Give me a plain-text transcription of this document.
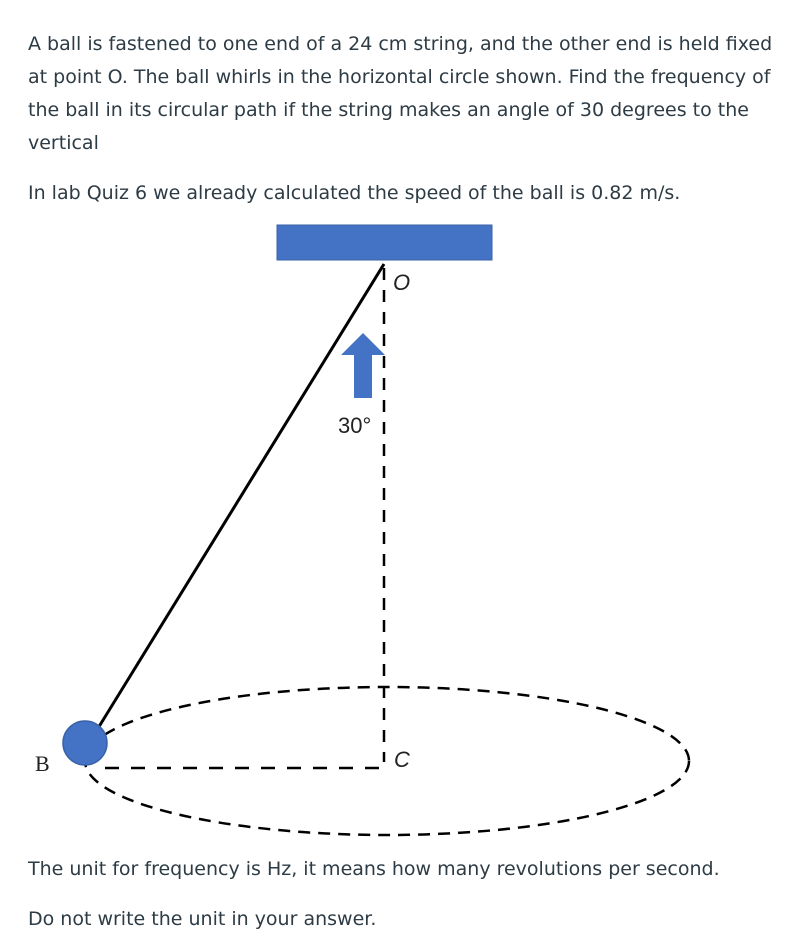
A ball is fastened to one end of a 24 cm string, and the other end is held fixed at point O. The ball whirls in the horizontal circle shown. Find the frequency of the ball in its circular path if the string makes an angle of 30 degrees to the vertical

In lab Quiz 6 we already calculated the speed of the ball is 0.82 m/s.

O
30°
B	C

The unit for frequency is Hz, it means how many revolutions per second.

Do not write the unit in your answer.
